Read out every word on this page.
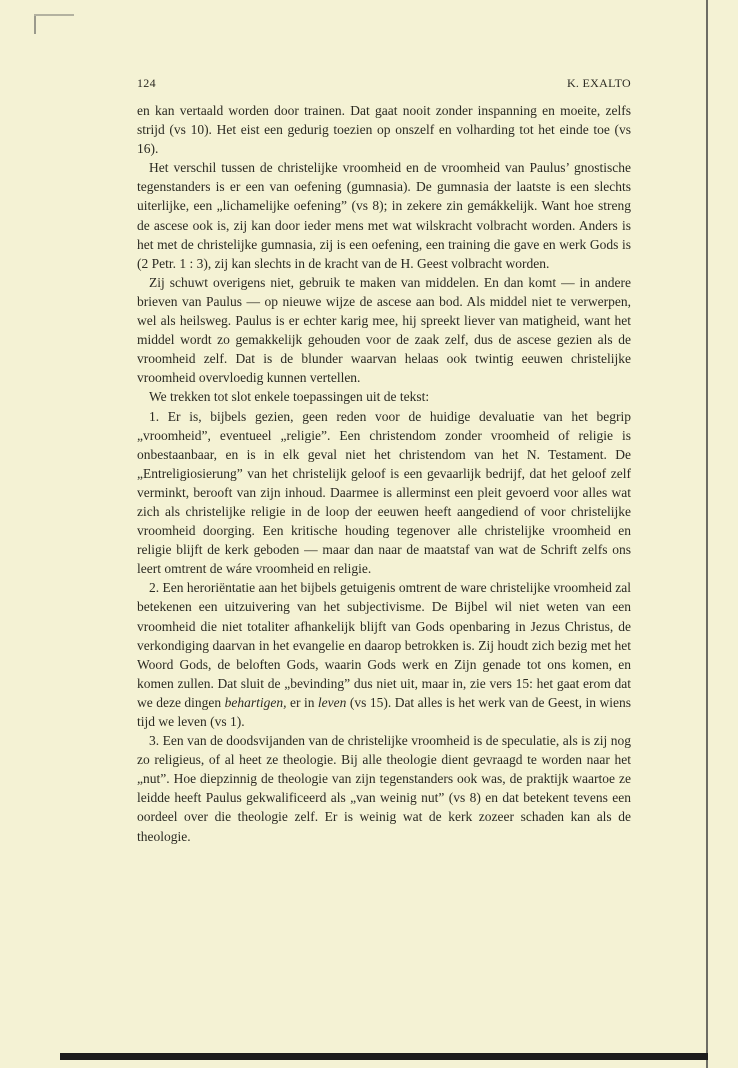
124	K. EXALTO

en kan vertaald worden door trainen. Dat gaat nooit zonder inspanning en moeite, zelfs strijd (vs 10). Het eist een gedurig toezien op onszelf en volharding tot het einde toe (vs 16).

Het verschil tussen de christelijke vroomheid en de vroomheid van Paulus’ gnostische tegenstanders is er een van oefening (gumnasia). De gumnasia der laatste is een slechts uiterlijke, een „lichamelijke oefening” (vs 8); in zekere zin gemákkelijk. Want hoe streng de ascese ook is, zij kan door ieder mens met wat wilskracht volbracht worden. Anders is het met de christelijke gumnasia, zij is een oefening, een training die gave en werk Gods is (2 Petr. 1 : 3), zij kan slechts in de kracht van de H. Geest volbracht worden.

Zij schuwt overigens niet, gebruik te maken van middelen. En dan komt — in andere brieven van Paulus — op nieuwe wijze de ascese aan bod. Als middel niet te verwerpen, wel als heilsweg. Paulus is er echter karig mee, hij spreekt liever van matigheid, want het middel wordt zo gemakkelijk gehouden voor de zaak zelf, dus de ascese gezien als de vroomheid zelf. Dat is de blunder waarvan helaas ook twintig eeuwen christelijke vroomheid overvloedig kunnen vertellen.

We trekken tot slot enkele toepassingen uit de tekst:

1. Er is, bijbels gezien, geen reden voor de huidige devaluatie van het begrip „vroomheid”, eventueel „religie”. Een christendom zonder vroomheid of religie is onbestaanbaar, en is in elk geval niet het christendom van het N. Testament. De „Entreligiosierung” van het christelijk geloof is een gevaarlijk bedrijf, dat het geloof zelf verminkt, berooft van zijn inhoud. Daarmee is allerminst een pleit gevoerd voor alles wat zich als christelijke religie in de loop der eeuwen heeft aangediend of voor christelijke vroomheid doorging. Een kritische houding tegenover alle christelijke vroomheid en religie blijft de kerk geboden — maar dan naar de maatstaf van wat de Schrift zelfs ons leert omtrent de wáre vroomheid en religie.

2. Een heroriëntatie aan het bijbels getuigenis omtrent de ware christelijke vroomheid zal betekenen een uitzuivering van het subjectivisme. De Bijbel wil niet weten van een vroomheid die niet totaliter afhankelijk blijft van Gods openbaring in Jezus Christus, de verkondiging daarvan in het evangelie en daarop betrokken is. Zij houdt zich bezig met het Woord Gods, de beloften Gods, waarin Gods werk en Zijn genade tot ons komen, en komen zullen. Dat sluit de „bevinding” dus niet uit, maar in, zie vers 15: het gaat erom dat we deze dingen behartigen, er in leven (vs 15). Dat alles is het werk van de Geest, in wiens tijd we leven (vs 1).

3. Een van de doodsvijanden van de christelijke vroomheid is de speculatie, als is zij nog zo religieus, of al heet ze theologie. Bij alle theologie dient gevraagd te worden naar het „nut”. Hoe diepzinnig de theologie van zijn tegenstanders ook was, de praktijk waartoe ze leidde heeft Paulus gekwalificeerd als „van weinig nut” (vs 8) en dat betekent tevens een oordeel over die theologie zelf. Er is weinig wat de kerk zozeer schaden kan als de theologie.
